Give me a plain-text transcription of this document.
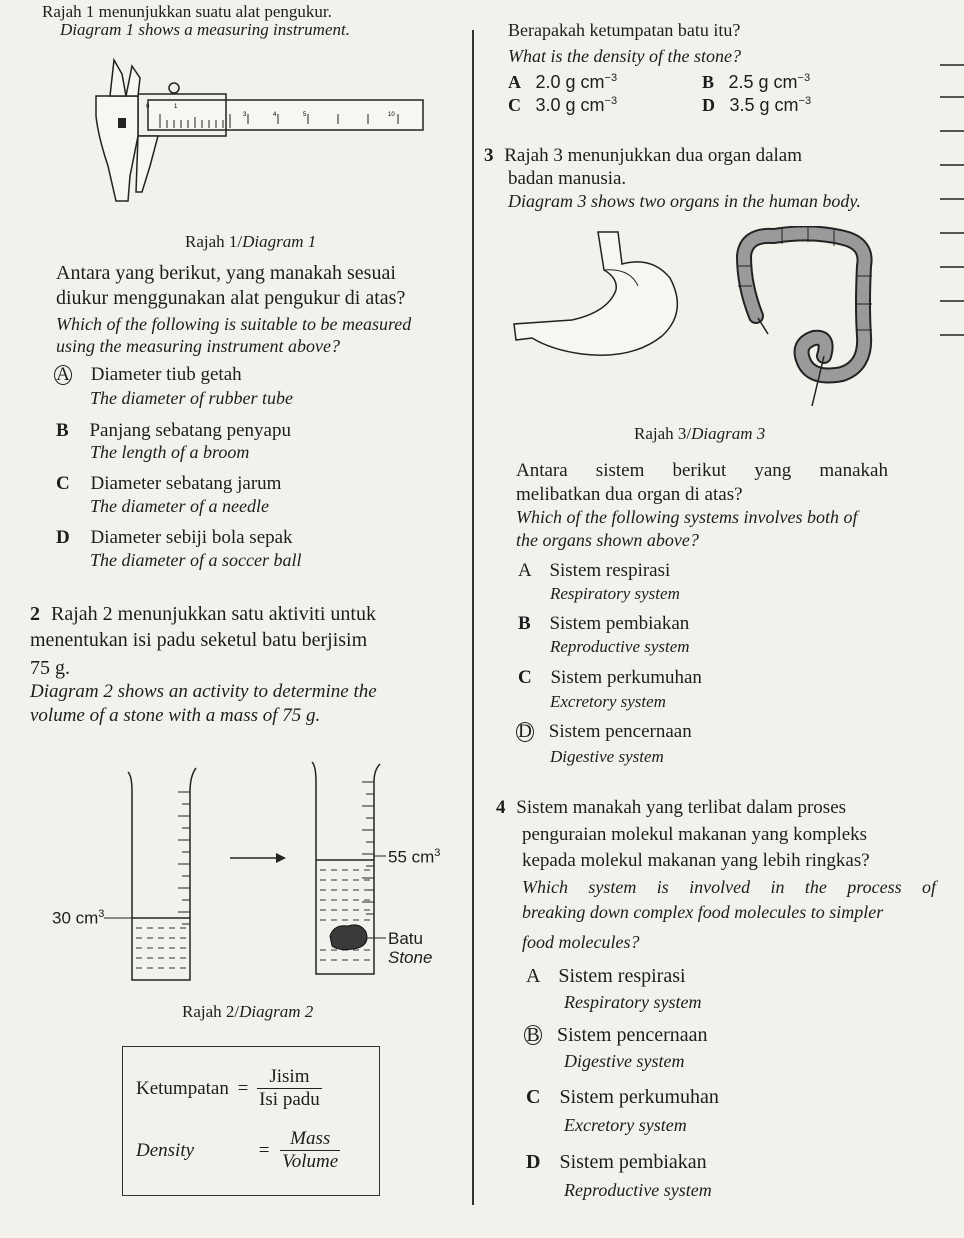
Rajah 1 menunjukkan suatu alat pengukur.
Diagram 1 shows a measuring instrument.
3	4	5	10
0	1
Rajah 1/Diagram 1
Antara yang berikut, yang manakah sesuai
diukur menggunakan alat pengukur di atas?
Which of the following is suitable to be measured
using the measuring instrument above?
A Diameter tiub getah
The diameter of rubber tube
B Panjang sebatang penyapu
The length of a broom
C Diameter sebatang jarum
The diameter of a needle
D Diameter sebiji bola sepak
The diameter of a soccer ball
2 Rajah 2 menunjukkan satu aktiviti untuk
menentukan isi padu seketul batu berjisim
75 g.
Diagram 2 shows an activity to determine the
volume of a stone with a mass of 75 g.
30 $cm^3$
55 $cm^3$
Batu
Stone
Rajah 2/Diagram 2
Ketumpatan = $\frac{\text{Jisim}}{\text{Isi padu}}$
Density	= $\frac{\text{Mass}}{\text{Volume}}$
Berapakah ketumpatan batu itu?
What is the density of the stone?
A 2.0 g $cm^{-3}$	B 2.5 g $cm^{-3}$
C 3.0 g $cm^{-3}$	D 3.5 g $cm^{-3}$
3 Rajah 3 menunjukkan dua organ dalam
badan manusia.
Diagram 3 shows two organs in the human body.
Rajah 3/Diagram 3
Antara sistem berikut yang manakah
melibatkan dua organ di atas?
Which of the following systems involves both of
the organs shown above?
A Sistem respirasi
Respiratory system
B Sistem pembiakan
Reproductive system
C Sistem perkumuhan
Excretory system
D Sistem pencernaan
Digestive system
4 Sistem manakah yang terlibat dalam proses
penguraian molekul makanan yang kompleks
kepada molekul makanan yang lebih ringkas?
Which system is involved in the process of
breaking down complex food molecules to simpler
food molecules?
A Sistem respirasi
Respiratory system
B Sistem pencernaan
Digestive system
C Sistem perkumuhan
Excretory system
D Sistem pembiakan
Reproductive system
